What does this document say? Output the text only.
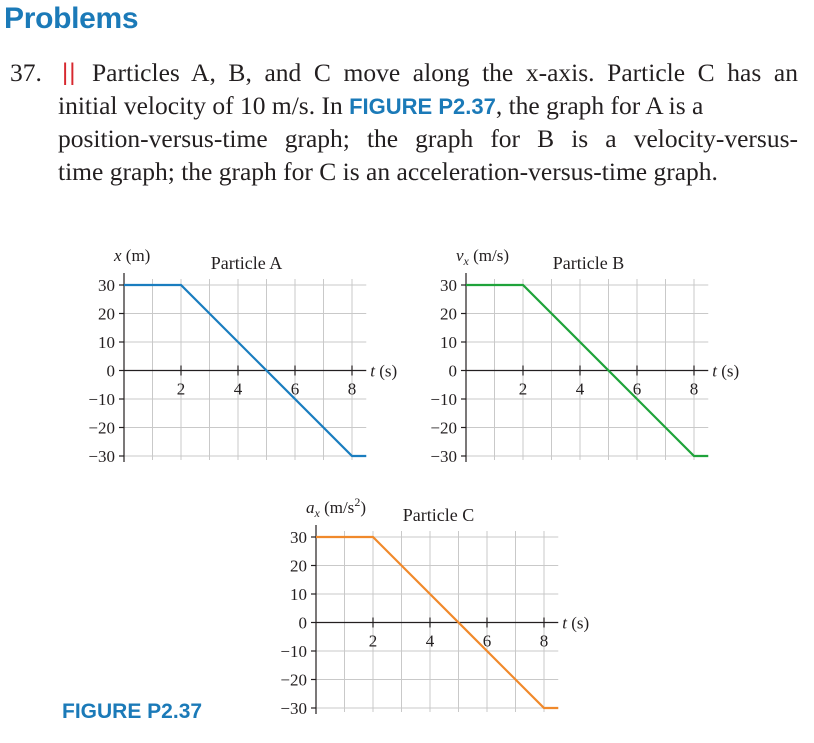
Problems
37. || Particles A, B, and C move along the x-axis. Particle C has an
initial velocity of 10 m/s. In FIGURE P2.37, the graph for A is a
position-versus-time graph; the graph for B is a velocity-versus-
time graph; the graph for C is an acceleration-versus-time graph.
30
20
10
0
−10
−20
−30
2	4	6	8
t (s)
x (m)	Particle A
30
20
10
0
−10
−20
−30
2	4	6	8
t (s)
$v_x$ (m/s) Particle B
30
20
10
0
−10
−20
−30
2	4	6	8
t (s)
$a_x$ $(m/s^2)$ Particle C
FIGURE P2.37
